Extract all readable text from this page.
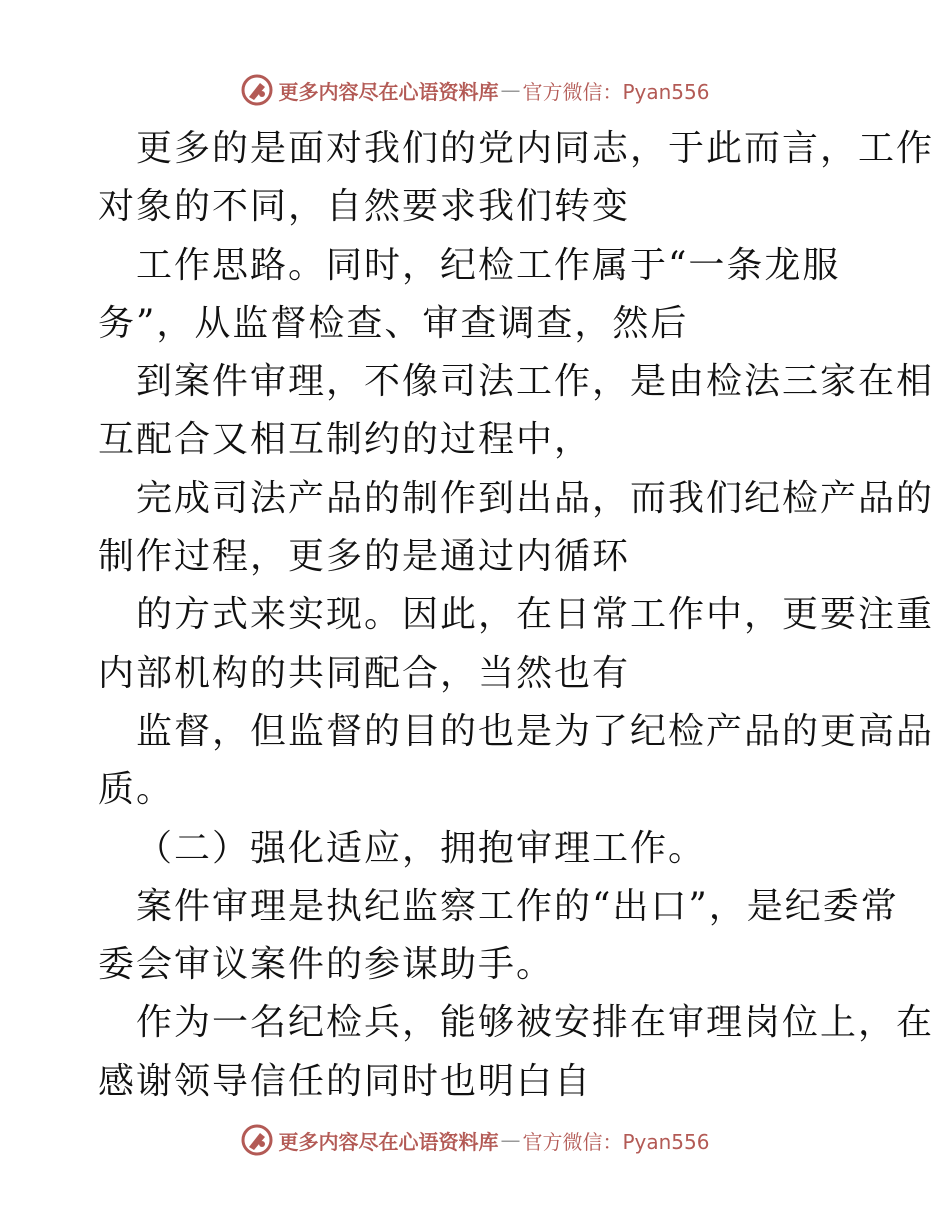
更多内容尽在心语资料库 — 官方微信：Pyan556
更多的是面对我们的党内同志，于此而言，工作
对象的不同，自然要求我们转变
工作思路。同时，纪检工作属于“一条龙服
务”，从监督检查、审查调查，然后
到案件审理，不像司法工作，是由检法三家在相
互配合又相互制约的过程中，
完成司法产品的制作到出品，而我们纪检产品的
制作过程，更多的是通过内循环
的方式来实现。因此，在日常工作中，更要注重
内部机构的共同配合，当然也有
监督，但监督的目的也是为了纪检产品的更高品
质。
（二）强化适应，拥抱审理工作。
案件审理是执纪监察工作的“出口”，是纪委常
委会审议案件的参谋助手。
作为一名纪检兵，能够被安排在审理岗位上，在
感谢领导信任的同时也明白自
更多内容尽在心语资料库 — 官方微信：Pyan556
